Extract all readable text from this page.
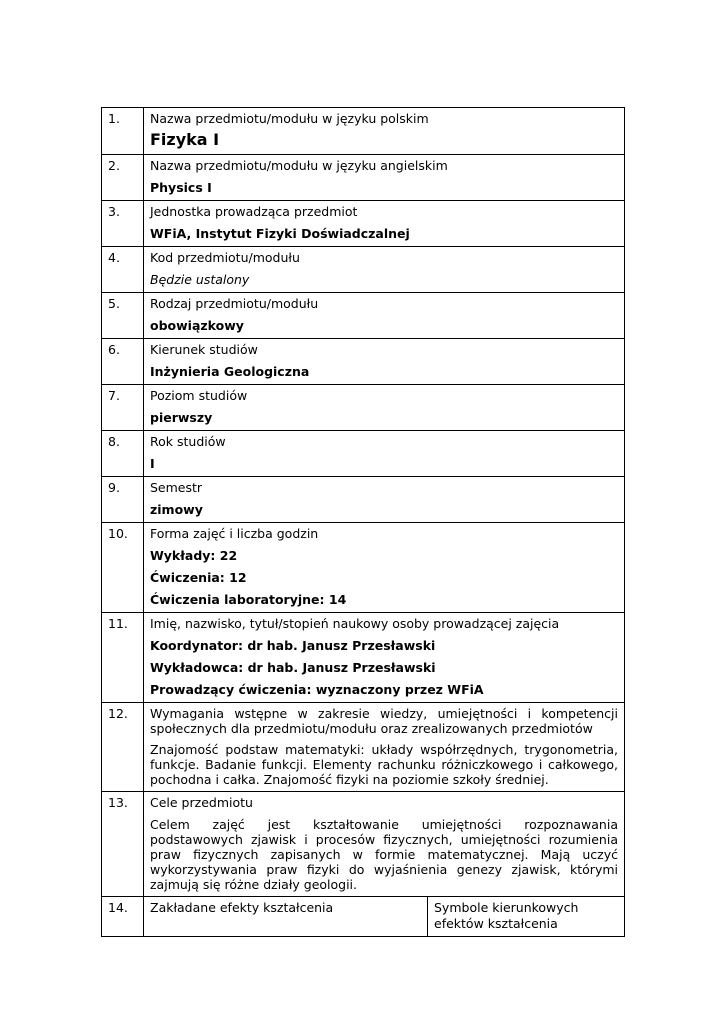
1.	Nazwa przedmiotu/modułu w języku polskim
Fizyka I	

2.	Nazwa przedmiotu/modułu w języku angielskim
Physics I	

3.	Jednostka prowadząca przedmiot
WFiA, Instytut Fizyki Doświadczalnej	

4.	Kod przedmiotu/modułu
Będzie ustalony	

5.	Rodzaj przedmiotu/modułu
obowiązkowy	

6.	Kierunek studiów
Inżynieria Geologiczna	

7.	Poziom studiów
pierwszy	

8.	Rok studiów
I	

9.	Semestr
zimowy	

10.	Forma zajęć i liczba godzin
Wykłady: 22
Ćwiczenia: 12
Ćwiczenia laboratoryjne: 14	

11.	Imię, nazwisko, tytuł/stopień naukowy osoby prowadzącej zajęcia
Koordynator: dr hab. Janusz Przesławski
Wykładowca: dr hab. Janusz Przesławski
Prowadzący ćwiczenia: wyznaczony przez WFiA	

12.	Wymagania wstępne w zakresie wiedzy, umiejętności i kompetencji społecznych dla przedmiotu/modułu oraz zrealizowanych przedmiotów
Znajomość podstaw matematyki: układy współrzędnych, trygonometria, funkcje. Badanie funkcji. Elementy rachunku różniczkowego i całkowego, pochodna i całka. Znajomość fizyki na poziomie szkoły średniej.	

13.	Cele przedmiotu
Celem zajęć jest kształtowanie umiejętności rozpoznawania podstawowych zjawisk i procesów fizycznych, umiejętności rozumienia praw fizycznych zapisanych w formie matematycznej. Mają uczyć wykorzystywania praw fizyki do wyjaśnienia genezy zjawisk, którymi zajmują się różne działy geologii.	

14.	Zakładane efekty kształcenia	Symbole kierunkowych efektów kształcenia
